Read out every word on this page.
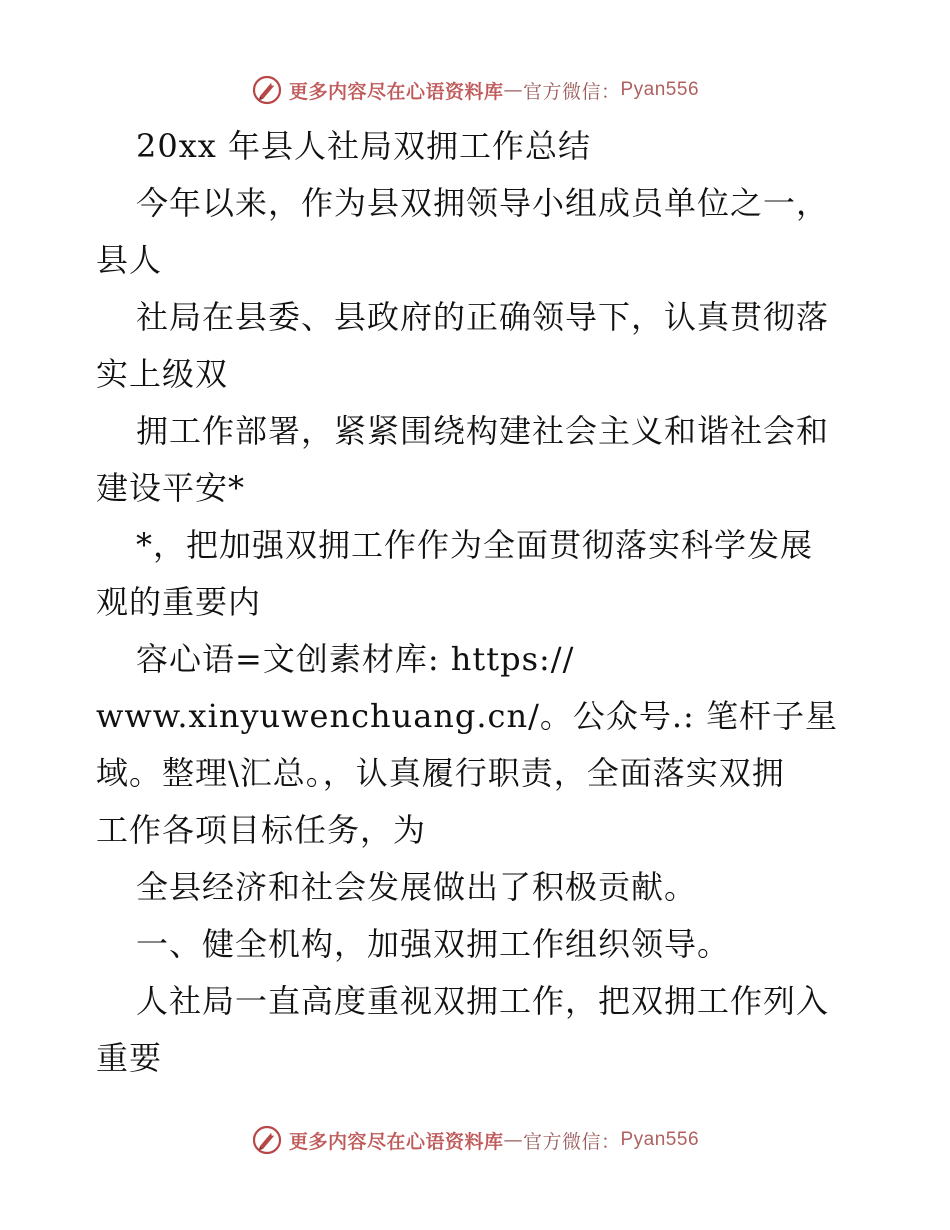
更多内容尽在心语资料库 — 官方微信： Pyan556
20xx 年县人社局双拥工作总结
今年以来，作为县双拥领导小组成员单位之一，
县人
社局在县委、县政府的正确领导下，认真贯彻落
实上级双
拥工作部署，紧紧围绕构建社会主义和谐社会和
建设平安*
*，把加强双拥工作作为全面贯彻落实科学发展
观的重要内
容心语=文创素材库: https://
www.xinyuwenchuang.cn/。公众号.: 笔杆子星
域。整理\汇总。，认真履行职责，全面落实双拥
工作各项目标任务，为
全县经济和社会发展做出了积极贡献。
一、健全机构，加强双拥工作组织领导。
人社局一直高度重视双拥工作，把双拥工作列入
重要
更多内容尽在心语资料库 — 官方微信： Pyan556
